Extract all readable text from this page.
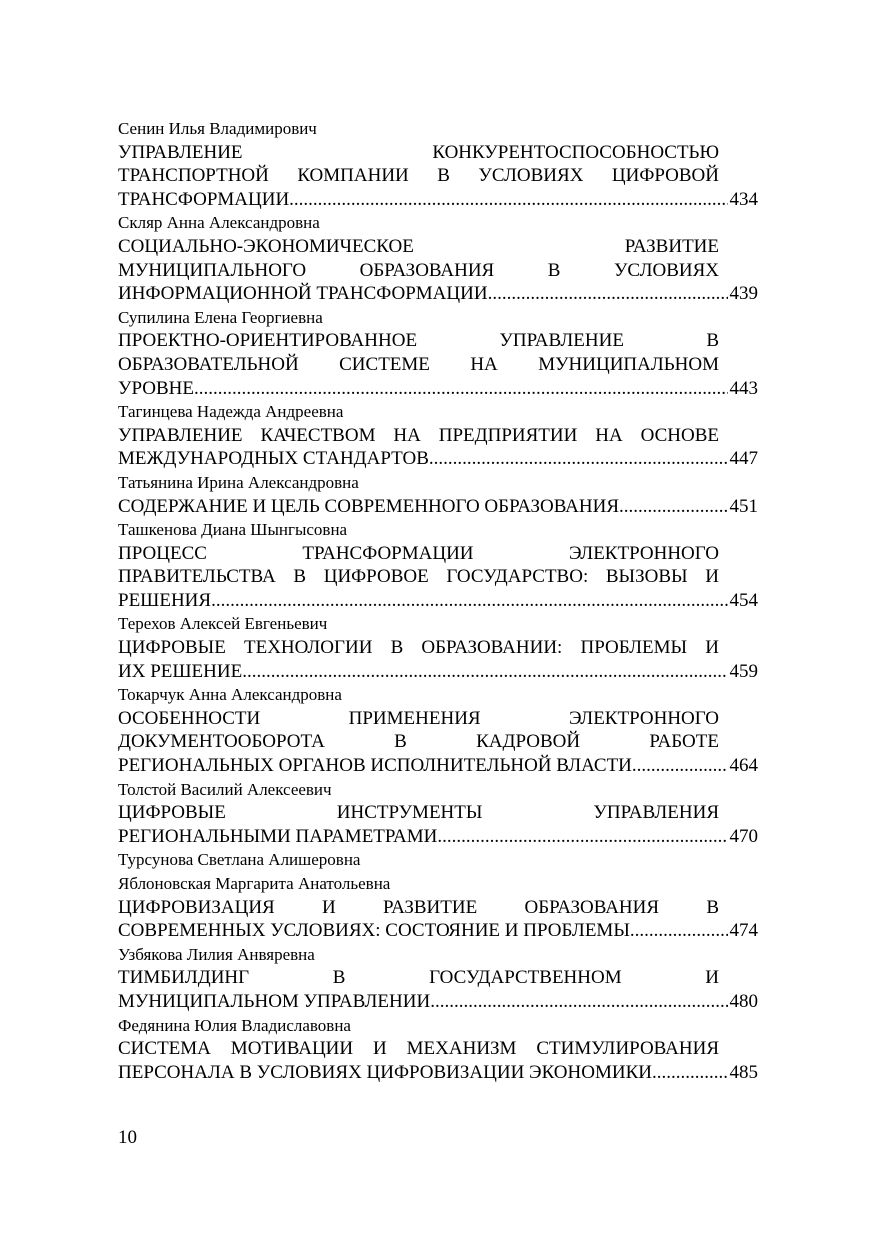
Сенин Илья Владимирович
УПРАВЛЕНИЕ КОНКУРЕНТОСПОСОБНОСТЬЮ
ТРАНСПОРТНОЙ КОМПАНИИ В УСЛОВИЯХ ЦИФРОВОЙ
ТРАНСФОРМАЦИИ .....	434
Скляр Анна Александровна
СОЦИАЛЬНО-ЭКОНОМИЧЕСКОЕ РАЗВИТИЕ
МУНИЦИПАЛЬНОГО ОБРАЗОВАНИЯ В УСЛОВИЯХ
ИНФОРМАЦИОННОЙ ТРАНСФОРМАЦИИ .....	439
Супилина Елена Георгиевна
ПРОЕКТНО-ОРИЕНТИРОВАННОЕ УПРАВЛЕНИЕ В
ОБРАЗОВАТЕЛЬНОЙ СИСТЕМЕ НА МУНИЦИПАЛЬНОМ
УРОВНЕ .....	443
Тагинцева Надежда Андреевна
УПРАВЛЕНИЕ КАЧЕСТВОМ НА ПРЕДПРИЯТИИ НА ОСНОВЕ
МЕЖДУНАРОДНЫХ СТАНДАРТОВ .....	447
Татьянина Ирина Александровна
СОДЕРЖАНИЕ И ЦЕЛЬ СОВРЕМЕННОГО ОБРАЗОВАНИЯ .....	451
Ташкенова Диана Шынгысовна
ПРОЦЕСС ТРАНСФОРМАЦИИ ЭЛЕКТРОННОГО
ПРАВИТЕЛЬСТВА В ЦИФРОВОЕ ГОСУДАРСТВО: ВЫЗОВЫ И
РЕШЕНИЯ .....	454
Терехов Алексей Евгеньевич
ЦИФРОВЫЕ ТЕХНОЛОГИИ В ОБРАЗОВАНИИ: ПРОБЛЕМЫ И
ИХ РЕШЕНИЕ .....	459
Токарчук Анна Александровна
ОСОБЕННОСТИ ПРИМЕНЕНИЯ ЭЛЕКТРОННОГО
ДОКУМЕНТООБОРОТА В КАДРОВОЙ РАБОТЕ
РЕГИОНАЛЬНЫХ ОРГАНОВ ИСПОЛНИТЕЛЬНОЙ ВЛАСТИ .....	464
Толстой Василий Алексеевич
ЦИФРОВЫЕ ИНСТРУМЕНТЫ УПРАВЛЕНИЯ
РЕГИОНАЛЬНЫМИ ПАРАМЕТРАМИ .....	470
Турсунова Светлана Алишеровна
Яблоновская Маргарита Анатольевна
ЦИФРОВИЗАЦИЯ И РАЗВИТИЕ ОБРАЗОВАНИЯ В
СОВРЕМЕННЫХ УСЛОВИЯХ: СОСТОЯНИЕ И ПРОБЛЕМЫ .....	474
Узбякова Лилия Анвяревна
ТИМБИЛДИНГ В ГОСУДАРСТВЕННОМ И
МУНИЦИПАЛЬНОМ УПРАВЛЕНИИ .....	480
Федянина Юлия Владиславовна
СИСТЕМА МОТИВАЦИИ И МЕХАНИЗМ СТИМУЛИРОВАНИЯ
ПЕРСОНАЛА В УСЛОВИЯХ ЦИФРОВИЗАЦИИ ЭКОНОМИКИ .....	485
10
